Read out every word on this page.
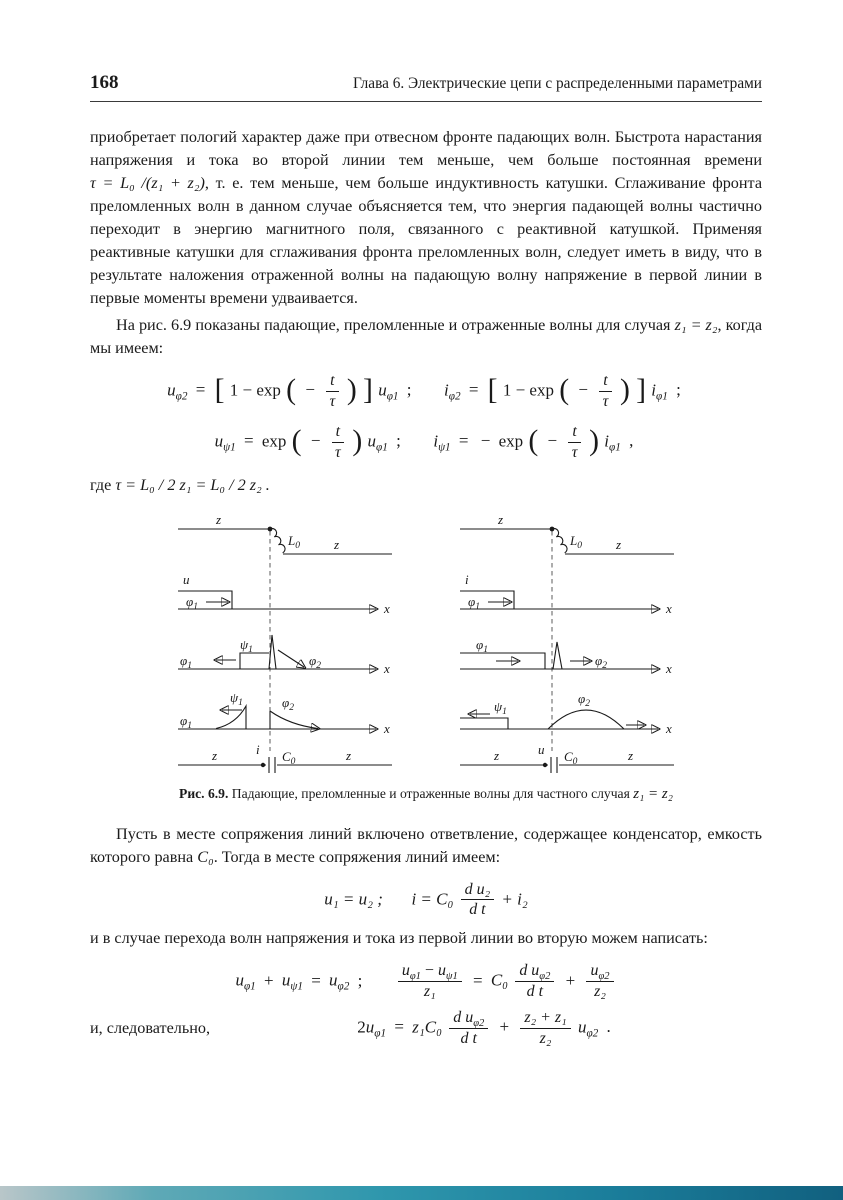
168	Глава 6. Электрические цепи с распределенными параметрами

приобретает пологий характер даже при отвесном фронте падающих волн. Быстрота нарастания напряжения и тока во второй линии тем меньше, чем больше постоянная времени τ = L₀ /(z₁ + z₂), т. е. тем меньше, чем больше индуктивность катушки. Сглаживание фронта преломленных волн в данном случае объясняется тем, что энергия падающей волны частично переходит в энергию магнитного поля, связанного с реактивной катушкой. Применяя реактивные катушки для сглаживания фронта преломленных волн, следует иметь в виду, что в результате наложения отраженной волны на падающую волну напряжение в первой линии в первые моменты времени удваивается.

На рис. 6.9 показаны падающие, преломленные и отраженные волны для случая z₁ = z₂, когда мы имеем:

$u_{\varphi 2}$ = [ 1 − exp ( − $\frac{t}{\tau}$ ) ] $u_{\varphi 1}$ ; $i_{\varphi 2}$ = [ 1 − exp ( − $\frac{t}{\tau}$ ) ] $i_{\varphi 1}$ ;
$u_{\psi 1} = \exp$ ( − $\frac{t}{\tau}$ ) $u_{\varphi 1}$ ; $i_{\psi 1}$ = − exp ( − $\frac{t}{\tau}$ ) $i_{\varphi 1}$ ,

где τ = L₀ / 2 z₁ = L₀ / 2 z₂ .

z
$L_0$	z
u
x
$\varphi_1$
x
$\varphi_1$
$\psi_1$
$\varphi_2$
x
$\varphi_1$
$\psi_1$	$\varphi_2$
i
z	$C_0$	z
z
$L_0$	z
i
x
$\varphi_1$
x
$\varphi_1$
$\varphi_2$
x
$\psi_1$
$\varphi_2$
u
z	$C_0$	z
Рис. 6.9. Падающие, преломленные и отраженные волны для частного случая z₁ = z₂

Пусть в месте сопряжения линий включено ответвление, содержащее конденсатор, емкость которого равна C₀. Тогда в месте сопряжения линий имеем:

u₁ = u₂ ; $i = C_0 \frac{\text{d u₂}}{\text{d t}} + i_2$

и в случае перехода волн напряжения и тока из первой линии во вторую можем написать:

$u_{\varphi 1} + u_{\psi 1} = u_{\varphi 2}$ ; $\frac{u_{\varphi 1} - u_{\psi 1}}{\text{z₁}} = C_0 \frac{d u_{\varphi 2}}{\text{d t}} + \frac{u_{\varphi 2}}{\text{z₂}}$
и, следовательно,	$2u_{\varphi 1} = z_1C_0 \frac{d u_{\varphi 2}}{\text{d t}} + \frac{\text{z₂ + z₁}}{\text{z₂}} u_{\varphi 2}$ .
